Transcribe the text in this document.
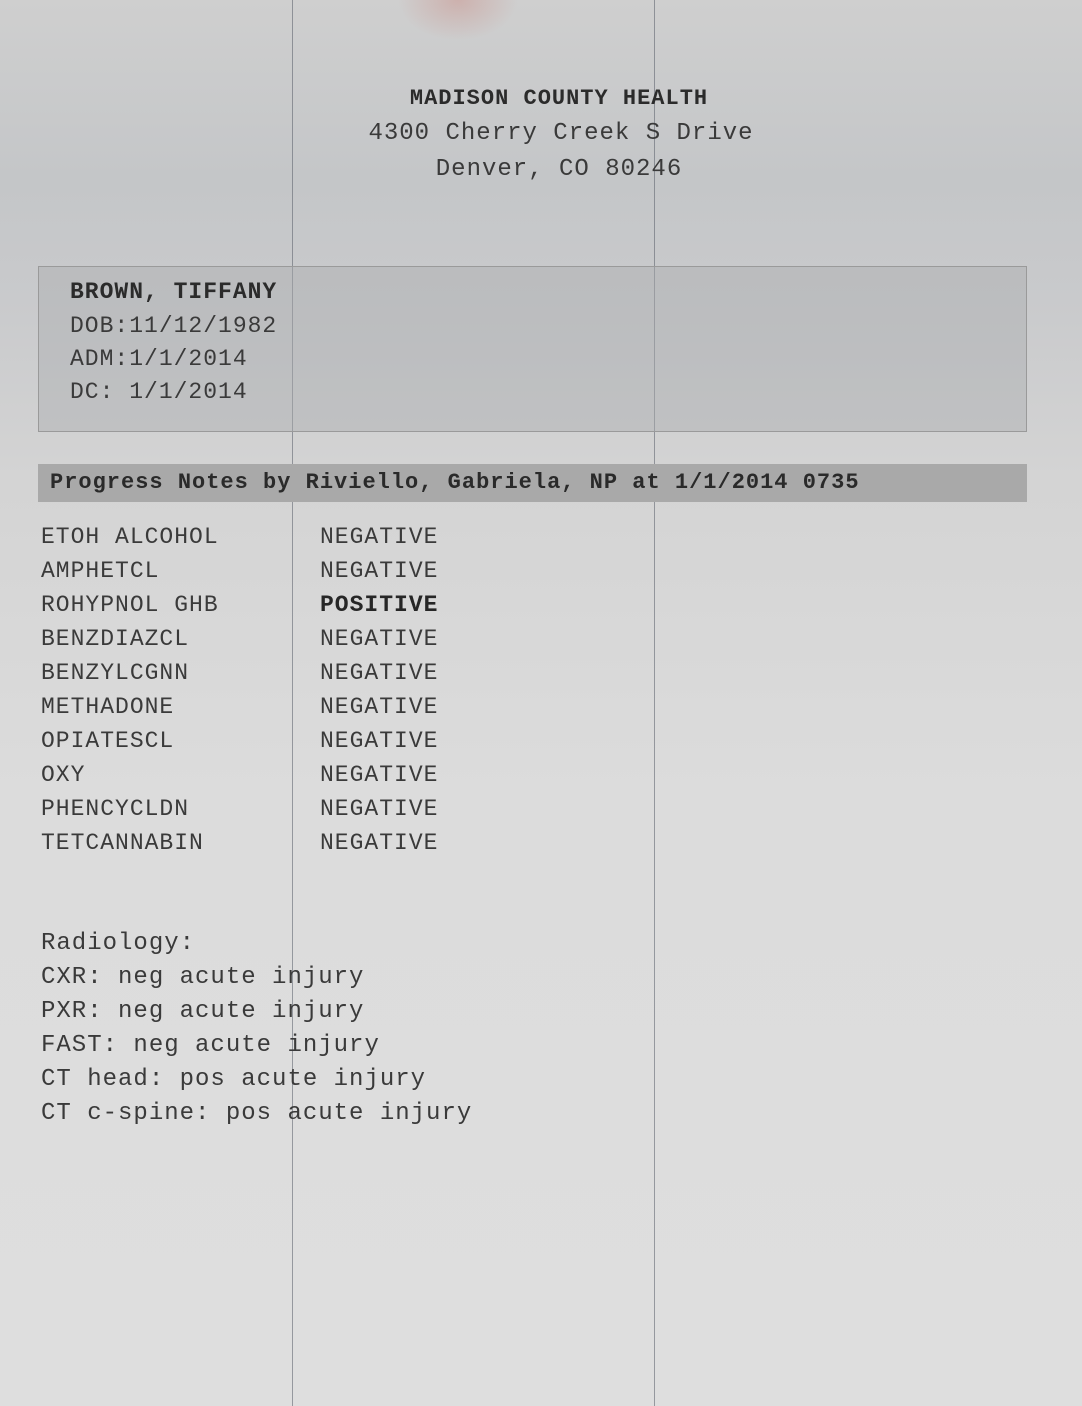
MADISON COUNTY HEALTH
4300 Cherry Creek S Drive
Denver, CO 80246
BROWN, TIFFANY
DOB:11/12/1982
ADM:1/1/2014
DC: 1/1/2014
Progress Notes by Riviello, Gabriela, NP at 1/1/2014 0735
ETOH ALCOHOL	NEGATIVE
AMPHETCL	NEGATIVE
ROHYPNOL GHB	POSITIVE
BENZDIAZCL	NEGATIVE
BENZYLCGNN	NEGATIVE
METHADONE	NEGATIVE
OPIATESCL	NEGATIVE
OXY	NEGATIVE
PHENCYCLDN	NEGATIVE
TETCANNABIN	NEGATIVE
Radiology:
CXR: neg acute injury
PXR: neg acute injury
FAST: neg acute injury
CT head: pos acute injury
CT c-spine: pos acute injury
